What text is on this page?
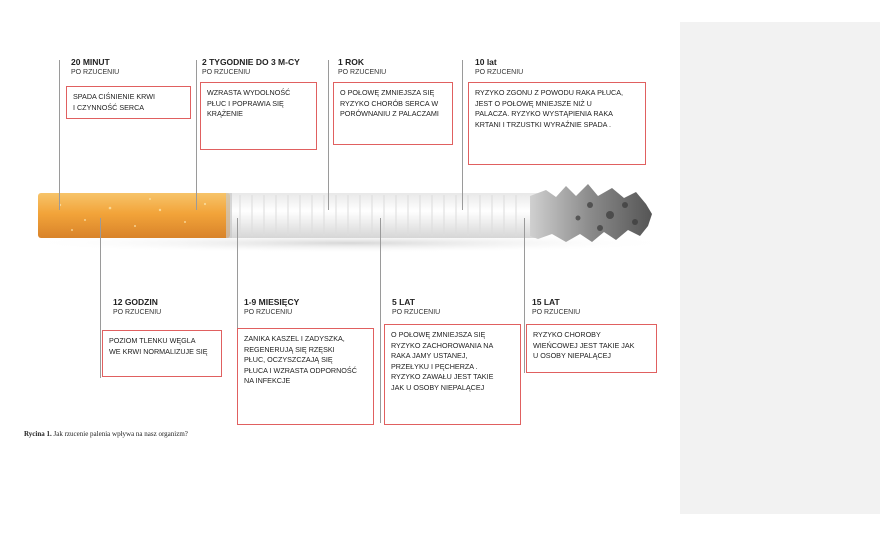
20 MINUT
PO RZUCENIU
SPADA CIŚNIENIE KRWI
I CZYNNOŚĆ SERCA
2 TYGODNIE DO 3 M-CY
PO RZUCENIU
WZRASTA WYDOLNOŚĆ
PŁUC I POPRAWIA SIĘ
KRĄŻENIE
1 ROK
PO RZUCENIU
O POŁOWĘ ZMNIEJSZA SIĘ
RYZYKO CHORÓB SERCA W
PORÓWNANIU Z PALACZAMI
10 lat
PO RZUCENIU
RYZYKO ZGONU Z POWODU RAKA PŁUCA,
JEST O POŁOWĘ MNIEJSZE NIŻ U
PALACZA. RYZYKO WYSTĄPIENIA RAKA
KRTANI I TRZUSTKI WYRAŹNIE SPADA .
12 GODZIN
PO RZUCENIU
POZIOM TLENKU WĘGLA
WE KRWI NORMALIZUJE SIĘ
1-9 MIESIĘCY
PO RZUCENIU
ZANIKA KASZEL I ZADYSZKA,
REGENERUJĄ SIĘ RZĘSKI
PŁUC, OCZYSZCZAJĄ SIĘ
PŁUCA I WZRASTA ODPORNOŚĆ
NA INFEKCJE
5 LAT
PO RZUCENIU
O POŁOWĘ ZMNIEJSZA SIĘ
RYZYKO ZACHOROWANIA NA
RAKA JAMY USTANEJ,
PRZEŁYKU I PĘCHERZA .
RYZYKO ZAWAŁU JEST TAKIE
JAK U OSOBY NIEPALĄCEJ
15 LAT
PO RZUCENIU
RYZYKO CHOROBY
WIEŃCOWEJ JEST TAKIE JAK
U OSOBY NIEPALĄCEJ
Rycina 1. Jak rzucenie palenia wpływa na nasz organizm?
